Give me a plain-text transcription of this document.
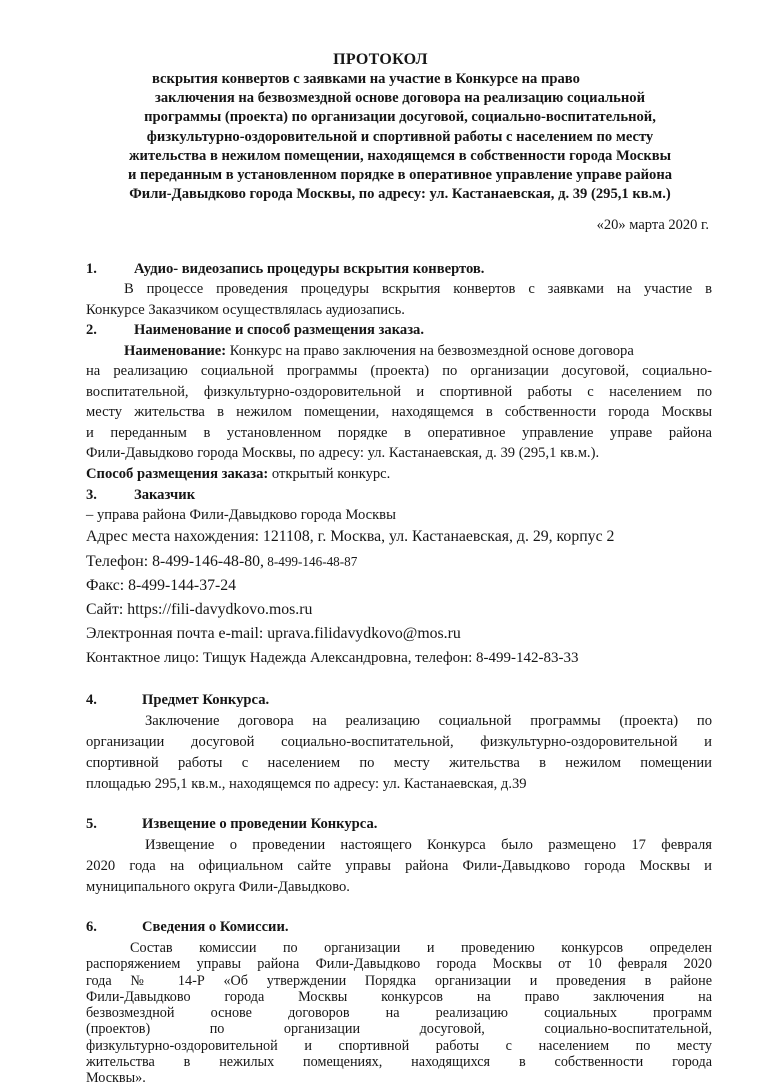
ПРОТОКОЛ
вскрытия конвертов с заявками на участие в Конкурсе на право
заключения на безвозмездной основе договора на реализацию социальной
программы (проекта) по организации досуговой, социально-воспитательной,
физкультурно-оздоровительной и спортивной работы с населением по месту
жительства в нежилом помещении, находящемся в собственности города Москвы
и переданным в установленном порядке в оперативное управление управе района
Фили-Давыдково города Москвы, по адресу: ул. Кастанаевская, д. 39 (295,1 кв.м.)
«20» марта 2020 г.
1.	Аудио- видеозапись процедуры вскрытия конвертов.
В процессе проведения процедуры вскрытия конвертов с заявками на участие в
Конкурсе Заказчиком осуществлялась аудиозапись.
2.	Наименование и способ размещения заказа.
Наименование: Конкурс на право заключения на безвозмездной основе договора
на реализацию социальной программы (проекта) по организации досуговой, социально-
воспитательной, физкультурно-оздоровительной и спортивной работы с населением по
месту жительства в нежилом помещении, находящемся в собственности города Москвы
и переданным в установленном порядке в оперативное управление управе района
Фили-Давыдково города Москвы, по адресу: ул. Кастанаевская, д. 39 (295,1 кв.м.).
Способ размещения заказа: открытый конкурс.
3.	Заказчик
– управа района Фили-Давыдково города Москвы
Адрес места нахождения: 121108, г. Москва, ул. Кастанаевская, д. 29, корпус 2
Телефон: 8-499-146-48-80, 8-499-146-48-87
Факс: 8-499-144-37-24
Сайт: https://fili-davydkovo.mos.ru
Электронная почта e-mail: uprava.filidavydkovo@mos.ru
Контактное лицо: Тищук Надежда Александровна, телефон: 8-499-142-83-33
4.	Предмет Конкурса.
Заключение договора на реализацию социальной программы (проекта) по
организации досуговой социально-воспитательной, физкультурно-оздоровительной и
спортивной работы с населением по месту жительства в нежилом помещении
площадью 295,1 кв.м., находящемся по адресу: ул. Кастанаевская, д.39
5.	Извещение о проведении Конкурса.
Извещение о проведении настоящего Конкурса было размещено 17 февраля
2020 года на официальном сайте управы района Фили-Давыдково города Москвы и
муниципального округа Фили-Давыдково.
6.	Сведения о Комиссии.
Состав комиссии по организации и проведению конкурсов определен
распоряжением управы района Фили-Давыдково города Москвы от 10 февраля 2020
года № 14-Р «Об утверждении Порядка организации и проведения в районе
Фили-Давыдково города Москвы конкурсов на право заключения на
безвозмездной основе договоров на реализацию социальных программ
(проектов) по организации досуговой, социально-воспитательной,
физкультурно-оздоровительной и спортивной работы с населением по месту
жительства в нежилых помещениях, находящихся в собственности города
Москвы».
